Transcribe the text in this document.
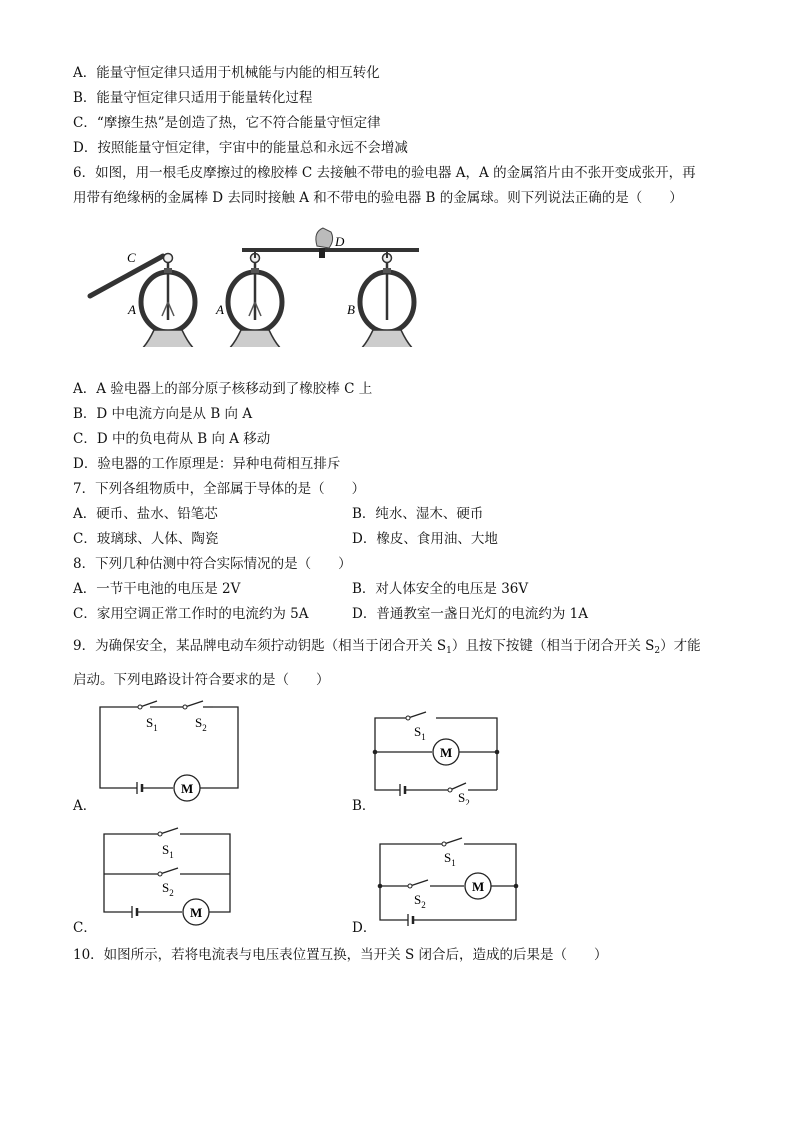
A．能量守恒定律只适用于机械能与内能的相互转化
B．能量守恒定律只适用于能量转化过程
C．“摩擦生热”是创造了热，它不符合能量守恒定律
D．按照能量守恒定律，宇宙中的能量总和永远不会增减
6．如图，用一根毛皮摩擦过的橡胶棒 C 去接触不带电的验电器 A，A 的金属箔片由不张开变成张开，再
用带有绝缘柄的金属棒 D 去同时接触 A 和不带电的验电器 B 的金属球。则下列说法正确的是（　　）
C
A
D
A	B
A．A 验电器上的部分原子核移动到了橡胶棒 C 上
B．D 中电流方向是从 B 向 A
C．D 中的负电荷从 B 向 A 移动
D．验电器的工作原理是：异种电荷相互排斥
7．下列各组物质中，全部属于导体的是（　　）
A．硬币、盐水、铅笔芯	B．纯水、湿木、硬币
C．玻璃球、人体、陶瓷	D．橡皮、食用油、大地
8．下列几种估测中符合实际情况的是（　　）
A．一节干电池的电压是 2V	B．对人体安全的电压是 36V
C．家用空调正常工作时的电流约为 5A	D．普通教室一盏日光灯的电流约为 1A
9．为确保安全，某品牌电动车须拧动钥匙（相当于闭合开关 $S_1$）且按下按键（相当于闭合开关 $S_2$）才能
启动。下列电路设计符合要求的是（　　）
$S_1$	$S_2$
M
A．
$S_1$
$S_2$
M
B．
$S_1$
$S_2$
M
C．
$S_1$
$S_2$
M
D．
10．如图所示，若将电流表与电压表位置互换，当开关 S 闭合后，造成的后果是（　　）
